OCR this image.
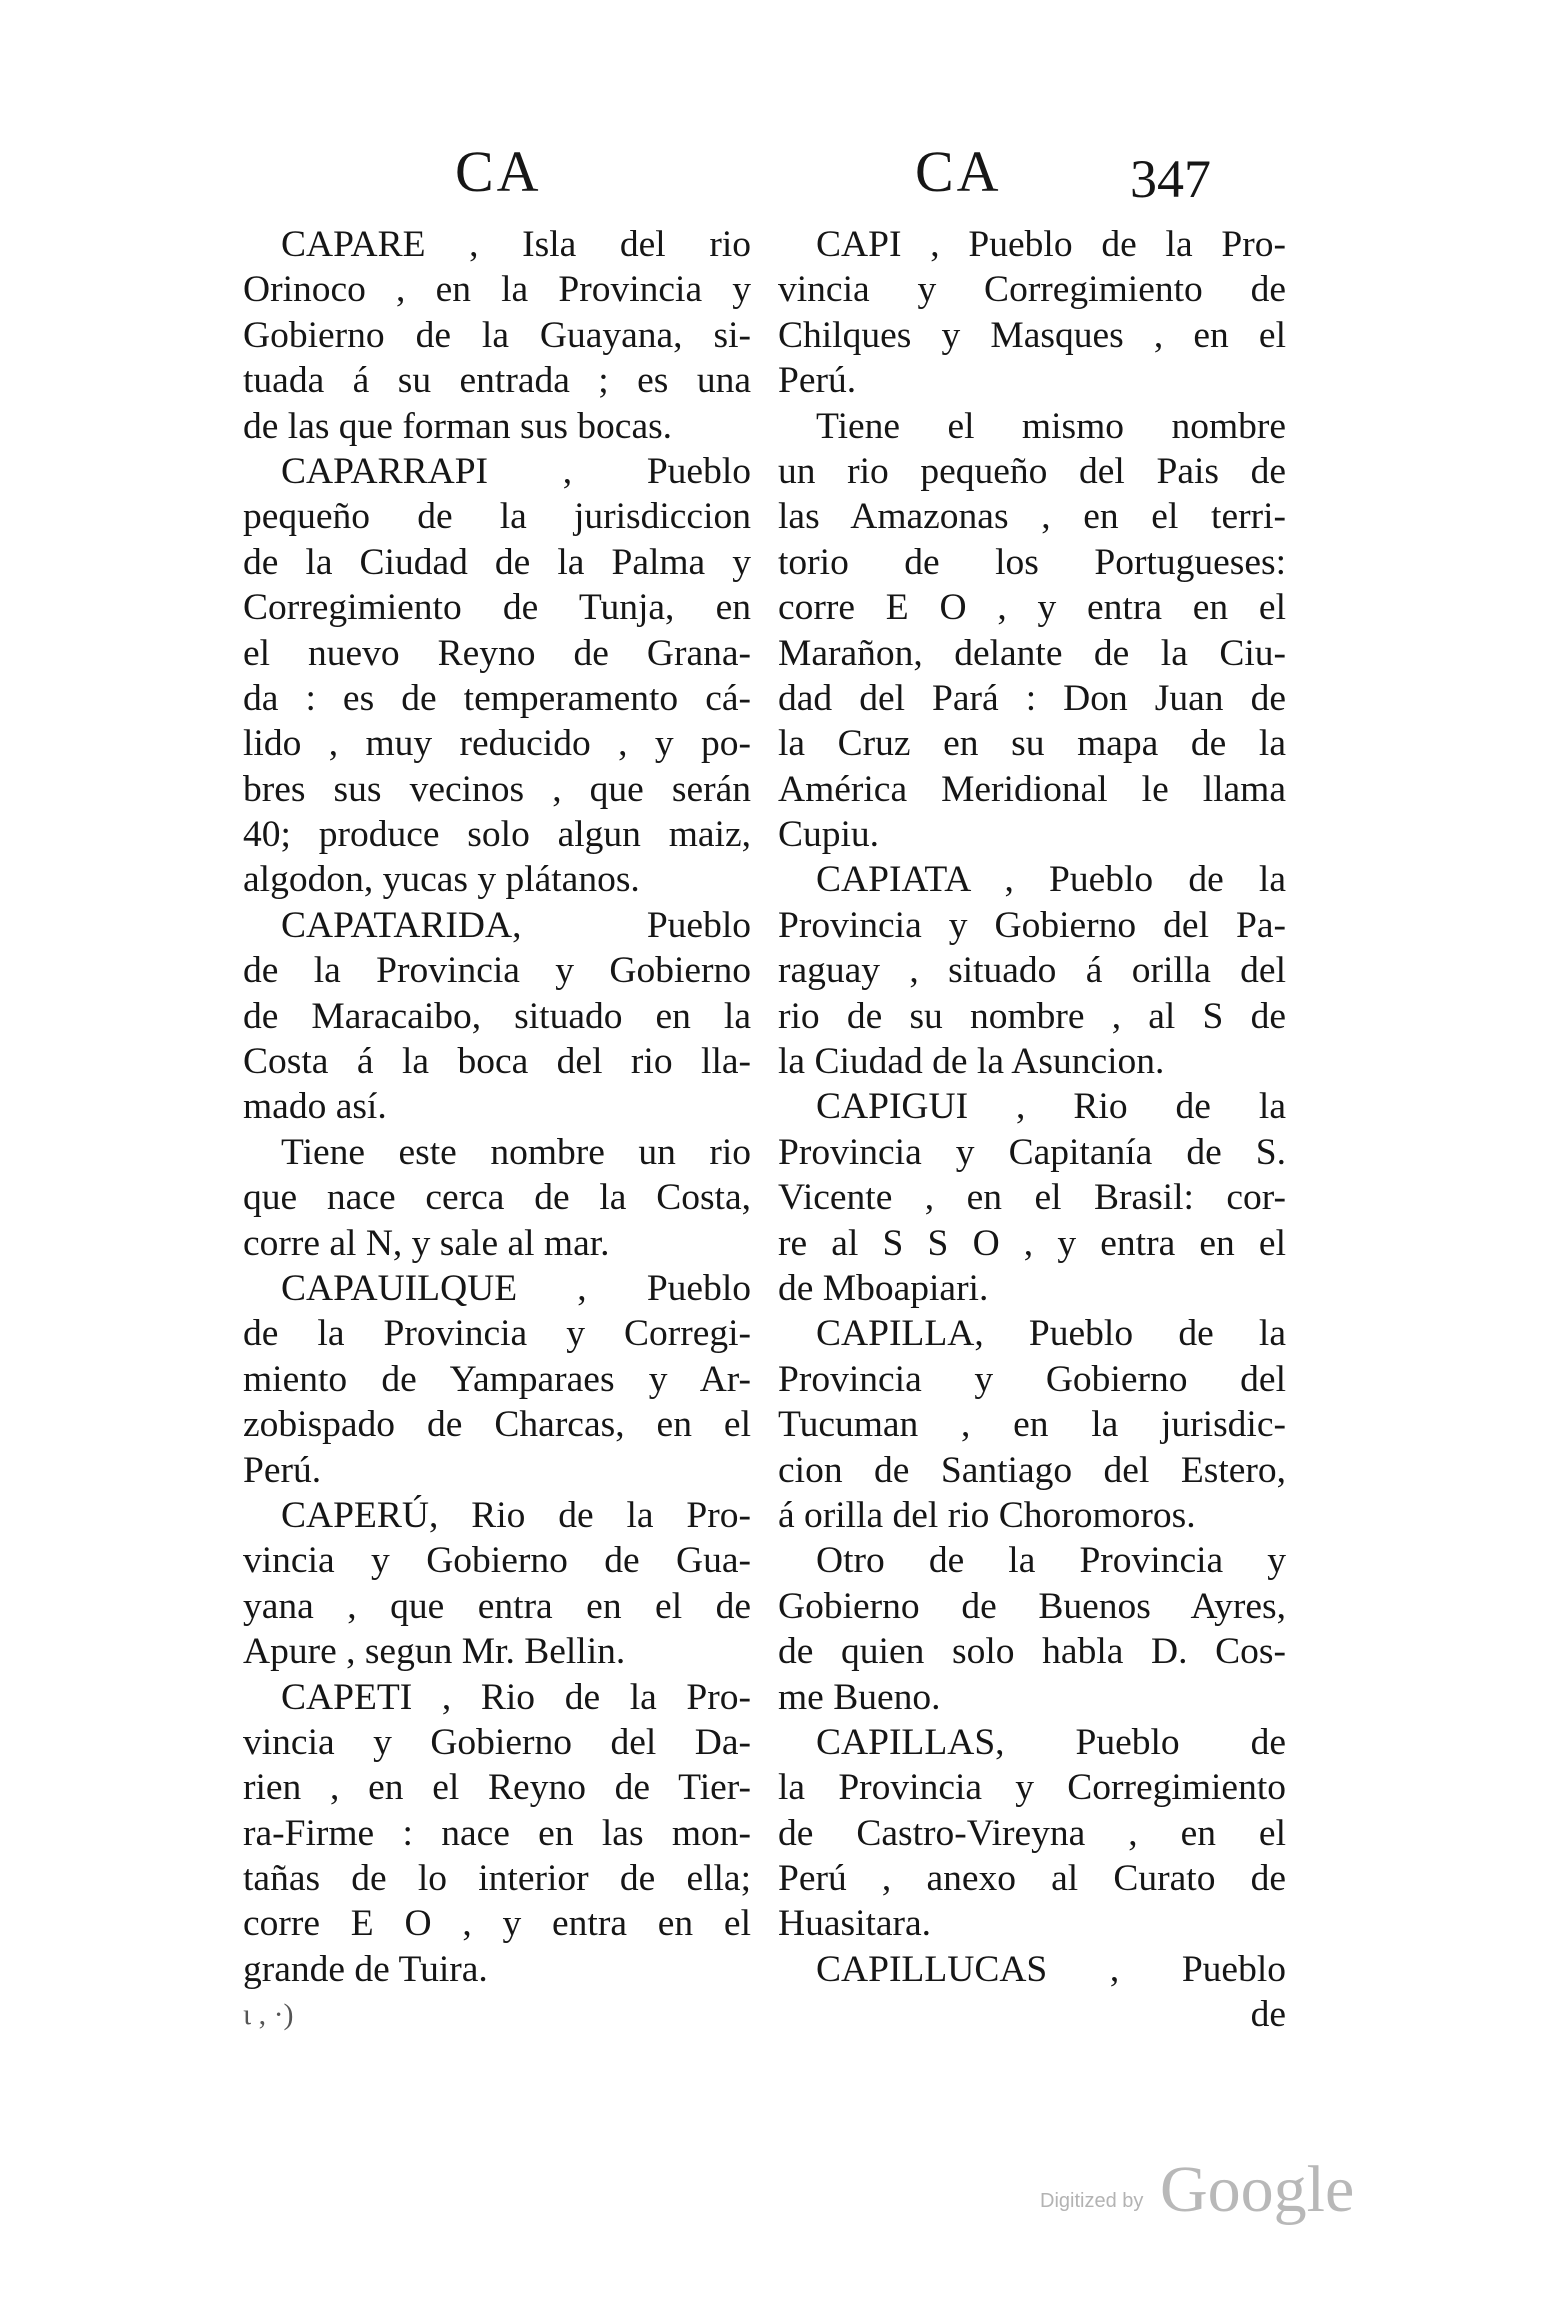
CA	CA 347
CAPARE , Isla del rio
Orinoco , en la Provincia y
Gobierno de la Guayana, si-
tuada á su entrada ; es una
de las que forman sus bocas.
CAPARRAPI , Pueblo
pequeño de la jurisdiccion
de la Ciudad de la Palma y
Corregimiento de Tunja, en
el nuevo Reyno de Grana-
da : es de temperamento cá-
lido , muy reducido , y po-
bres sus vecinos , que serán
40; produce solo algun maiz,
algodon, yucas y plátanos.
CAPATARIDA, Pueblo
de la Provincia y Gobierno
de Maracaibo, situado en la
Costa á la boca del rio lla-
mado así.
Tiene este nombre un rio
que nace cerca de la Costa,
corre al N, y sale al mar.
CAPAUILQUE , Pueblo
de la Provincia y Corregi-
miento de Yamparaes y Ar-
zobispado de Charcas, en el
Perú.
CAPERÚ, Rio de la Pro-
vincia y Gobierno de Gua-
yana , que entra en el de
Apure , segun Mr. Bellin.
CAPETI , Rio de la Pro-
vincia y Gobierno del Da-
rien , en el Reyno de Tier-
ra-Firme : nace en las mon-
tañas de lo interior de ella;
corre E O , y entra en el
grande de Tuira.
ι , ·)
CAPI , Pueblo de la Pro-
vincia y Corregimiento de
Chilques y Masques , en el
Perú.
Tiene el mismo nombre
un rio pequeño del Pais de
las Amazonas , en el terri-
torio de los Portugueses:
corre E O , y entra en el
Marañon, delante de la Ciu-
dad del Pará : Don Juan de
la Cruz en su mapa de la
América Meridional le llama
Cupiu.
CAPIATA , Pueblo de la
Provincia y Gobierno del Pa-
raguay , situado á orilla del
rio de su nombre , al S de
la Ciudad de la Asuncion.
CAPIGUI , Rio de la
Provincia y Capitanía de S.
Vicente , en el Brasil: cor-
re al S S O , y entra en el
de Mboapiari.
CAPILLA, Pueblo de la
Provincia y Gobierno del
Tucuman , en la jurisdic-
cion de Santiago del Estero,
á orilla del rio Choromoros.
Otro de la Provincia y
Gobierno de Buenos Ayres,
de quien solo habla D. Cos-
me Bueno.
CAPILLAS, Pueblo de
la Provincia y Corregimiento
de Castro-Vireyna , en el
Perú , anexo al Curato de
Huasitara.
CAPILLUCAS , Pueblo
de
Digitized by Google
